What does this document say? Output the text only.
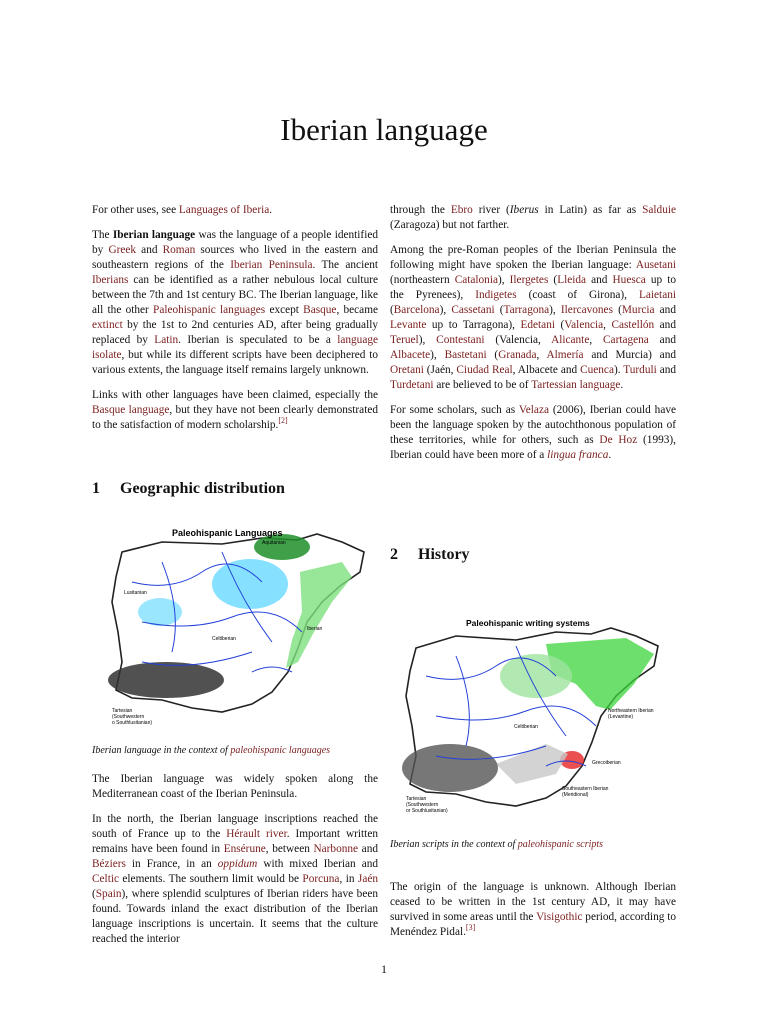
Iberian language

For other uses, see Languages of Iberia.

The Iberian language was the language of a people identified by Greek and Roman sources who lived in the eastern and southeastern regions of the Iberian Peninsula. The ancient Iberians can be identified as a rather nebulous local culture between the 7th and 1st century BC. The Iberian language, like all the other Paleohispanic languages except Basque, became extinct by the 1st to 2nd centuries AD, after being gradually replaced by Latin. Iberian is speculated to be a language isolate, but while its different scripts have been deciphered to various extents, the language itself remains largely unknown.

Links with other languages have been claimed, especially the Basque language, but they have not been clearly demonstrated to the satisfaction of modern scholarship.[2]

1 Geographic distribution
Paleohispanic Languages
Aquitanian
Lusitanian
Celtiberian
Iberian
Tartesian
(Southwestern
o Southlusitanian)
Iberian language in the context of paleohispanic languages

The Iberian language was widely spoken along the Mediterranean coast of the Iberian Peninsula.

In the north, the Iberian language inscriptions reached the south of France up to the Hérault river. Important written remains have been found in Ensérune, between Narbonne and Béziers in France, in an oppidum with mixed Iberian and Celtic elements. The southern limit would be Porcuna, in Jaén (Spain), where splendid sculptures of Iberian riders have been found. Towards inland the exact distribution of the Iberian language inscriptions is uncertain. It seems that the culture reached the interior

through the Ebro river (Iberus in Latin) as far as Salduie (Zaragoza) but not farther.

Among the pre-Roman peoples of the Iberian Peninsula the following might have spoken the Iberian language: Ausetani (northeastern Catalonia), Ilergetes (Lleida and Huesca up to the Pyrenees), Indigetes (coast of Girona), Laietani (Barcelona), Cassetani (Tarragona), Ilercavones (Murcia and Levante up to Tarragona), Edetani (Valencia, Castellón and Teruel), Contestani (Valencia, Alicante, Cartagena and Albacete), Bastetani (Granada, Almería and Murcia) and Oretani (Jaén, Ciudad Real, Albacete and Cuenca). Turduli and Turdetani are believed to be of Tartessian language.

For some scholars, such as Velaza (2006), Iberian could have been the language spoken by the autochthonous population of these territories, while for others, such as De Hoz (1993), Iberian could have been more of a lingua franca.

2 History
Paleohispanic writing systems
Northeastern Iberian
(Levantine)
Celtiberian
Grecoiberian
Southeastern Iberian
(Meridional)
Tartesian
(Southwestern
or Southlusitanian)
Iberian scripts in the context of paleohispanic scripts

The origin of the language is unknown. Although Iberian ceased to be written in the 1st century AD, it may have survived in some areas until the Visigothic period, according to Menéndez Pidal.[3]

1
